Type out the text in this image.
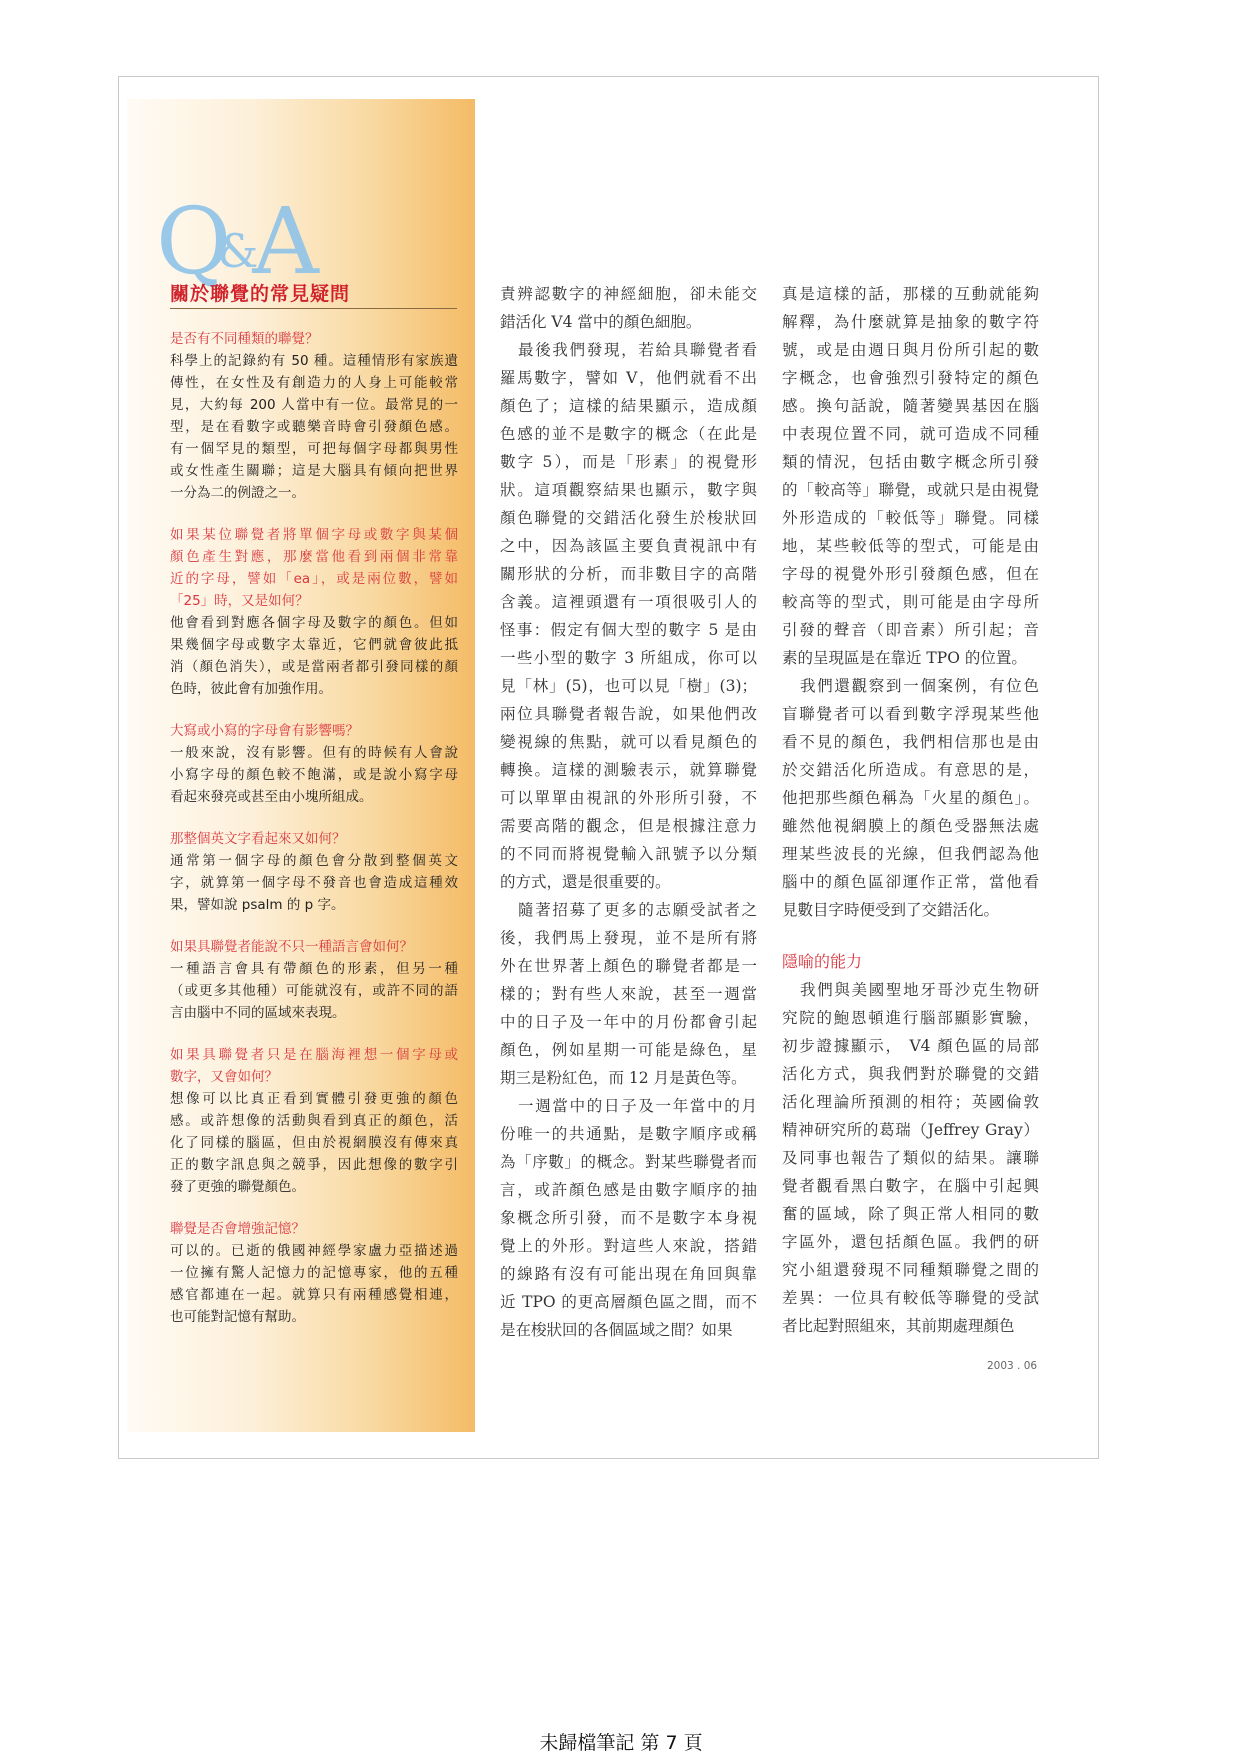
Q&A
關於聯覺的常見疑問
是否有不同種類的聯覺？
科學上的記錄約有 50 種。這種情形有家族遺
傳性，在女性及有創造力的人身上可能較常
見，大約每 200 人當中有一位。最常見的一
型，是在看數字或聽樂音時會引發顏色感。
有一個罕見的類型，可把每個字母都與男性
或女性產生關聯；這是大腦具有傾向把世界
一分為二的例證之一。
如果某位聯覺者將單個字母或數字與某個
顏色產生對應，那麼當他看到兩個非常靠
近的字母，譬如「ea」，或是兩位數，譬如
「25」時，又是如何？
他會看到對應各個字母及數字的顏色。但如
果幾個字母或數字太靠近，它們就會彼此抵
消（顏色消失），或是當兩者都引發同樣的顏
色時，彼此會有加強作用。
大寫或小寫的字母會有影響嗎？
一般來說，沒有影響。但有的時候有人會說
小寫字母的顏色較不飽滿，或是說小寫字母
看起來發亮或甚至由小塊所組成。
那整個英文字看起來又如何？
通常第一個字母的顏色會分散到整個英文
字，就算第一個字母不發音也會造成這種效
果，譬如說 psalm 的 p 字。
如果具聯覺者能說不只一種語言會如何？
一種語言會具有帶顏色的形素，但另一種
（或更多其他種）可能就沒有，或許不同的語
言由腦中不同的區域來表現。
如果具聯覺者只是在腦海裡想一個字母或
數字，又會如何？
想像可以比真正看到實體引發更強的顏色
感。或許想像的活動與看到真正的顏色，活
化了同樣的腦區，但由於視網膜沒有傳來真
正的數字訊息與之競爭，因此想像的數字引
發了更強的聯覺顏色。
聯覺是否會增強記憶？
可以的。已逝的俄國神經學家盧力亞描述過
一位擁有驚人記憶力的記憶專家，他的五種
感官都連在一起。就算只有兩種感覺相連，
也可能對記憶有幫助。
責辨認數字的神經細胞，卻未能交
錯活化 V4 當中的顏色細胞。
最後我們發現，若給具聯覺者看
羅馬數字，譬如 V，他們就看不出
顏色了；這樣的結果顯示，造成顏
色感的並不是數字的概念（在此是
數字 5），而是「形素」的視覺形
狀。這項觀察結果也顯示，數字與
顏色聯覺的交錯活化發生於梭狀回
之中，因為該區主要負責視訊中有
關形狀的分析，而非數目字的高階
含義。這裡頭還有一項很吸引人的
怪事：假定有個大型的數字 5 是由
一些小型的數字 3 所組成，你可以
見「林」(5)，也可以見「樹」(3)；
兩位具聯覺者報告說，如果他們改
變視線的焦點，就可以看見顏色的
轉換。這樣的測驗表示，就算聯覺
可以單單由視訊的外形所引發，不
需要高階的觀念，但是根據注意力
的不同而將視覺輸入訊號予以分類
的方式，還是很重要的。
隨著招募了更多的志願受試者之
後，我們馬上發現，並不是所有將
外在世界著上顏色的聯覺者都是一
樣的；對有些人來說，甚至一週當
中的日子及一年中的月份都會引起
顏色，例如星期一可能是綠色，星
期三是粉紅色，而 12 月是黃色等。
一週當中的日子及一年當中的月
份唯一的共通點，是數字順序或稱
為「序數」的概念。對某些聯覺者而
言，或許顏色感是由數字順序的抽
象概念所引發，而不是數字本身視
覺上的外形。對這些人來說，搭錯
的線路有沒有可能出現在角回與靠
近 TPO 的更高層顏色區之間，而不
是在梭狀回的各個區域之間？如果
真是這樣的話，那樣的互動就能夠
解釋，為什麼就算是抽象的數字符
號，或是由週日與月份所引起的數
字概念，也會強烈引發特定的顏色
感。換句話說，隨著變異基因在腦
中表現位置不同，就可造成不同種
類的情況，包括由數字概念所引發
的「較高等」聯覺，或就只是由視覺
外形造成的「較低等」聯覺。同樣
地，某些較低等的型式，可能是由
字母的視覺外形引發顏色感，但在
較高等的型式，則可能是由字母所
引發的聲音（即音素）所引起；音
素的呈現區是在靠近 TPO 的位置。
我們還觀察到一個案例，有位色
盲聯覺者可以看到數字浮現某些他
看不見的顏色，我們相信那也是由
於交錯活化所造成。有意思的是，
他把那些顏色稱為「火星的顏色」。
雖然他視網膜上的顏色受器無法處
理某些波長的光線，但我們認為他
腦中的顏色區卻運作正常，當他看
見數目字時便受到了交錯活化。
隱喻的能力
我們與美國聖地牙哥沙克生物研
究院的鮑恩頓進行腦部顯影實驗，
初步證據顯示， V4 顏色區的局部
活化方式，與我們對於聯覺的交錯
活化理論所預測的相符；英國倫敦
精神研究所的葛瑞（Jeffrey Gray）
及同事也報告了類似的結果。讓聯
覺者觀看黑白數字，在腦中引起興
奮的區域，除了與正常人相同的數
字區外，還包括顏色區。我們的研
究小組還發現不同種類聯覺之間的
差異：一位具有較低等聯覺的受試
者比起對照組來，其前期處理顏色
2003 . 06
未歸檔筆記 第 7 頁
